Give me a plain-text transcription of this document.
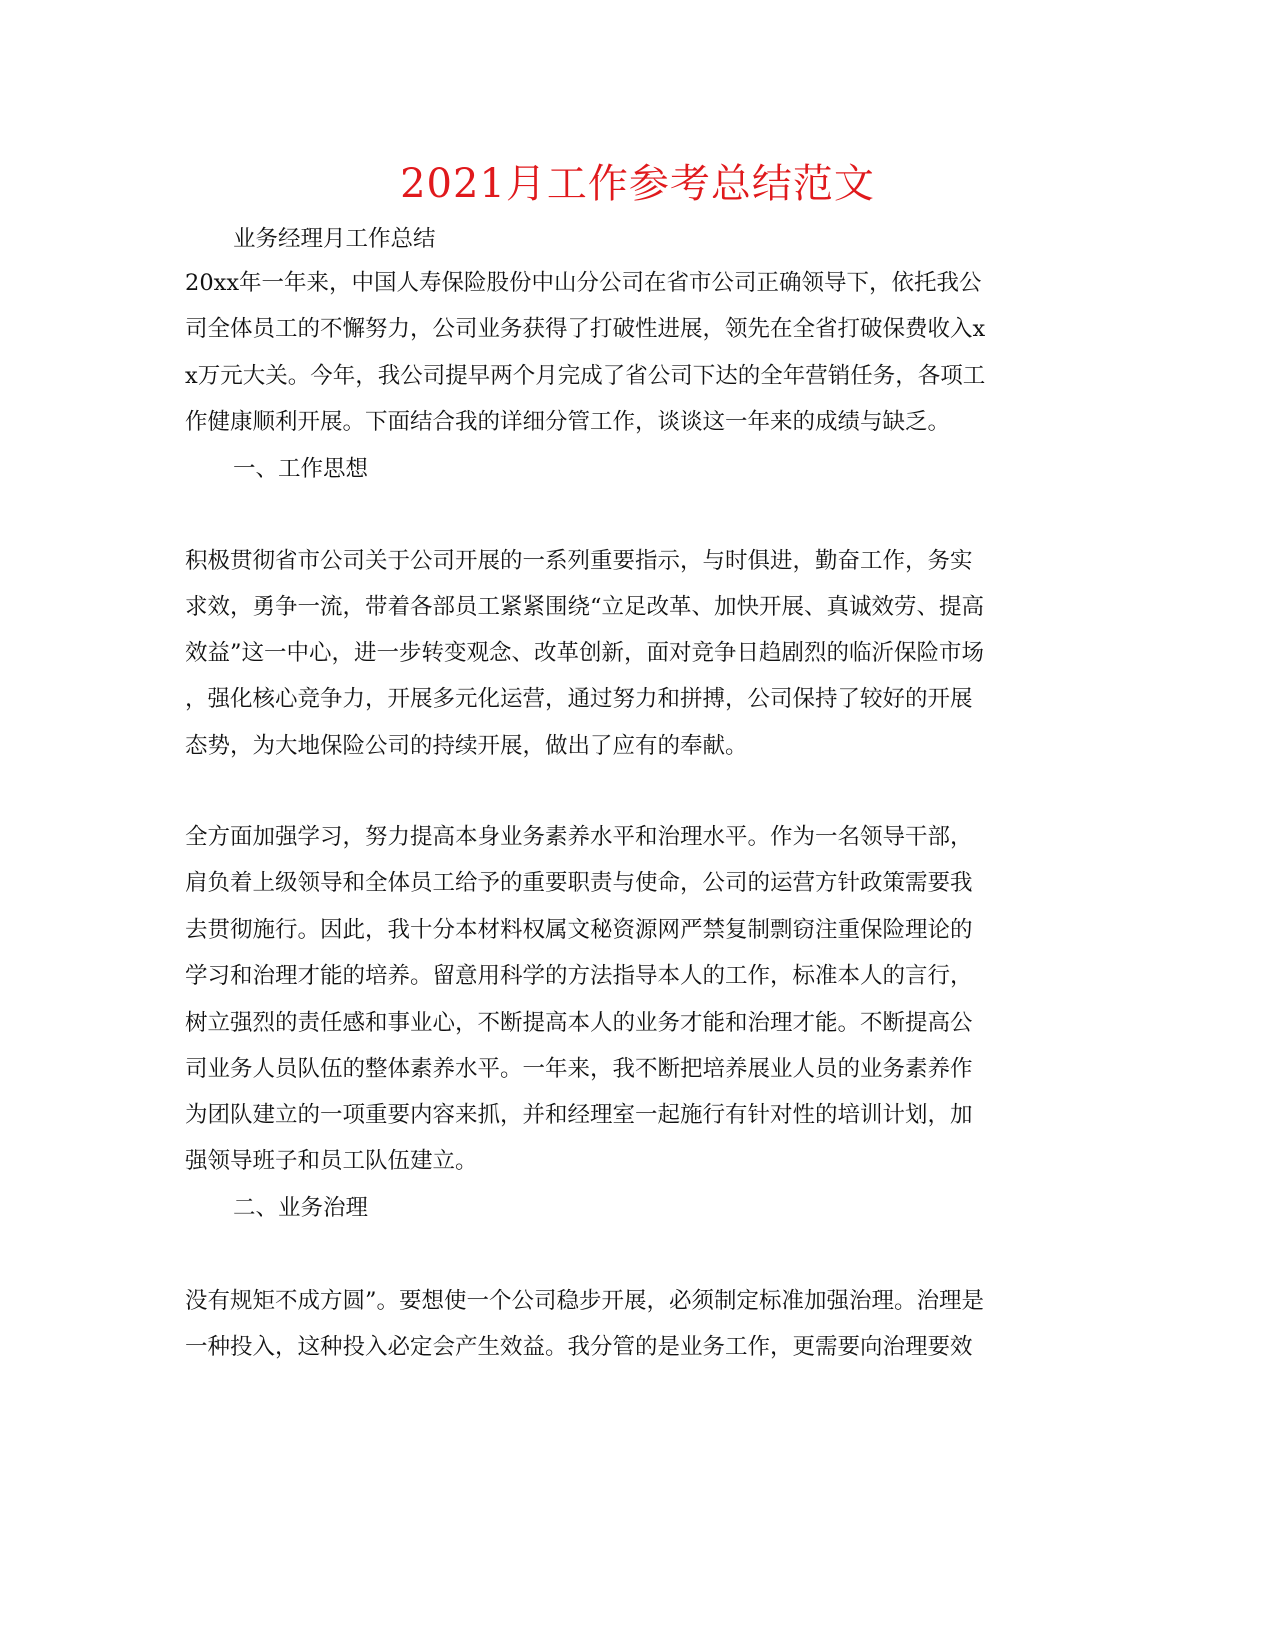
2021月工作参考总结范文
业务经理月工作总结
20xx年一年来，中国人寿保险股份中山分公司在省市公司正确领导下，依托我公
司全体员工的不懈努力，公司业务获得了打破性进展，领先在全省打破保费收入x
x万元大关。今年，我公司提早两个月完成了省公司下达的全年营销任务，各项工
作健康顺利开展。下面结合我的详细分管工作，谈谈这一年来的成绩与缺乏。
一、工作思想
积极贯彻省市公司关于公司开展的一系列重要指示，与时俱进，勤奋工作，务实
求效，勇争一流，带着各部员工紧紧围绕“立足改革、加快开展、真诚效劳、提高
效益”这一中心，进一步转变观念、改革创新，面对竞争日趋剧烈的临沂保险市场
，强化核心竞争力，开展多元化运营，通过努力和拼搏，公司保持了较好的开展
态势，为大地保险公司的持续开展，做出了应有的奉献。
全方面加强学习，努力提高本身业务素养水平和治理水平。作为一名领导干部，
肩负着上级领导和全体员工给予的重要职责与使命，公司的运营方针政策需要我
去贯彻施行。因此，我十分本材料权属文秘资源网严禁复制剽窃注重保险理论的
学习和治理才能的培养。留意用科学的方法指导本人的工作，标准本人的言行，
树立强烈的责任感和事业心，不断提高本人的业务才能和治理才能。不断提高公
司业务人员队伍的整体素养水平。一年来，我不断把培养展业人员的业务素养作
为团队建立的一项重要内容来抓，并和经理室一起施行有针对性的培训计划，加
强领导班子和员工队伍建立。
二、业务治理
没有规矩不成方圆”。要想使一个公司稳步开展，必须制定标准加强治理。治理是
一种投入，这种投入必定会产生效益。我分管的是业务工作，更需要向治理要效
